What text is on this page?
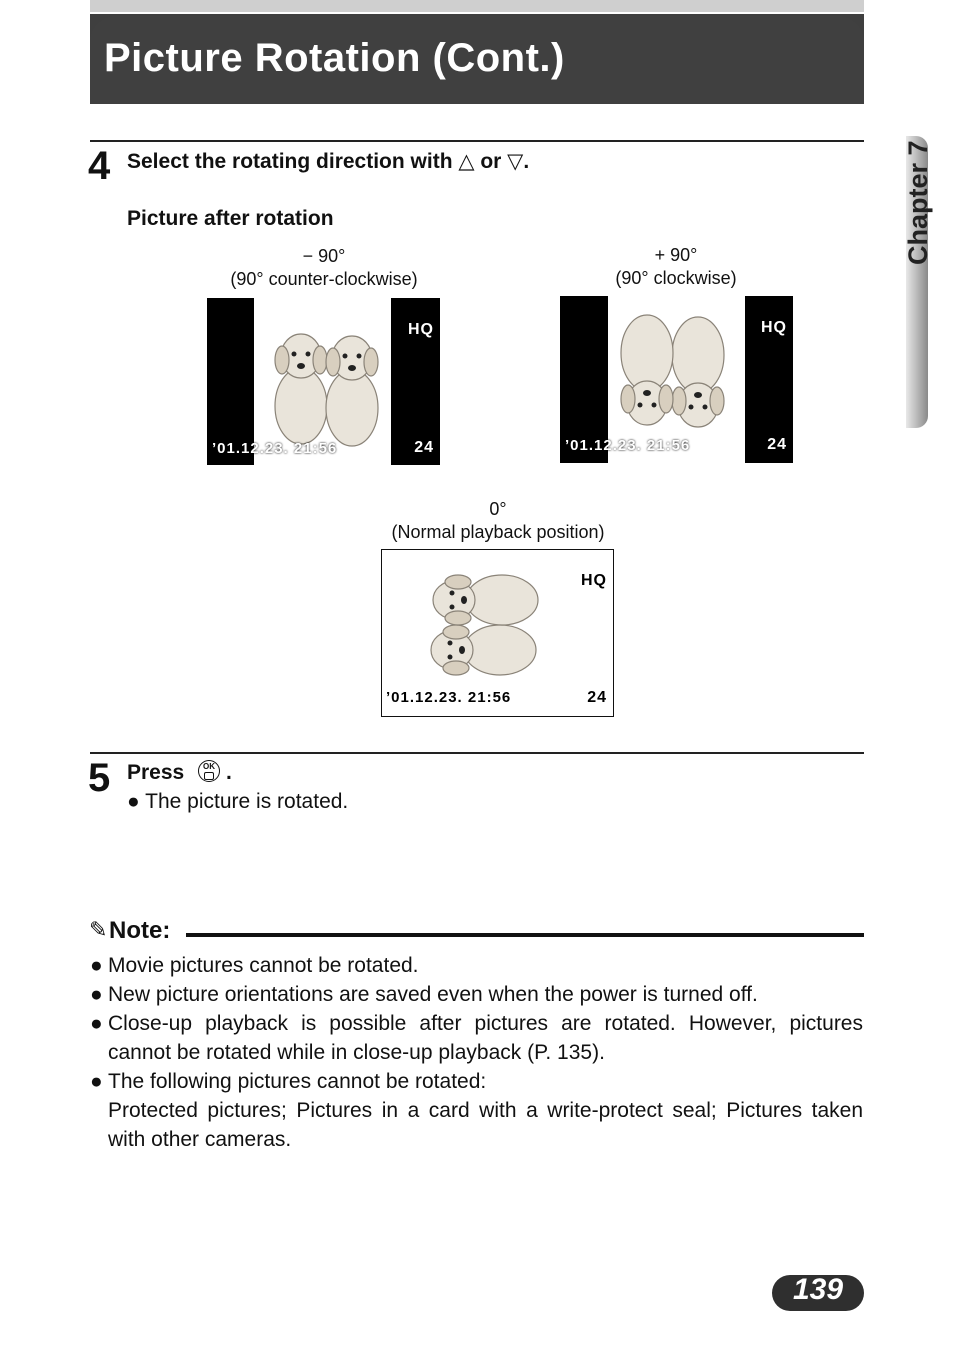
Picture Rotation (Cont.)
Chapter 7
4 Select the rotating direction with △ or ▽.
Picture after rotation
− 90°
(90° counter-clockwise)
HQ
’01.12.23. 21:56	24
+ 90°
(90° clockwise)
HQ
’01.12.23. 21:56	24
0°
(Normal playback position)
HQ
’01.12.23. 21:56	24
5 Press	OK .
● The picture is rotated.
✎ Note:
● Movie pictures cannot be rotated.
● New picture orientations are saved even when the power is turned off.
● Close-up playback is possible after pictures are rotated. However, pictures cannot be rotated while in close-up playback (P. 135).
● The following pictures cannot be rotated:
Protected pictures; Pictures in a card with a write-protect seal; Pictures taken with other cameras.
139
